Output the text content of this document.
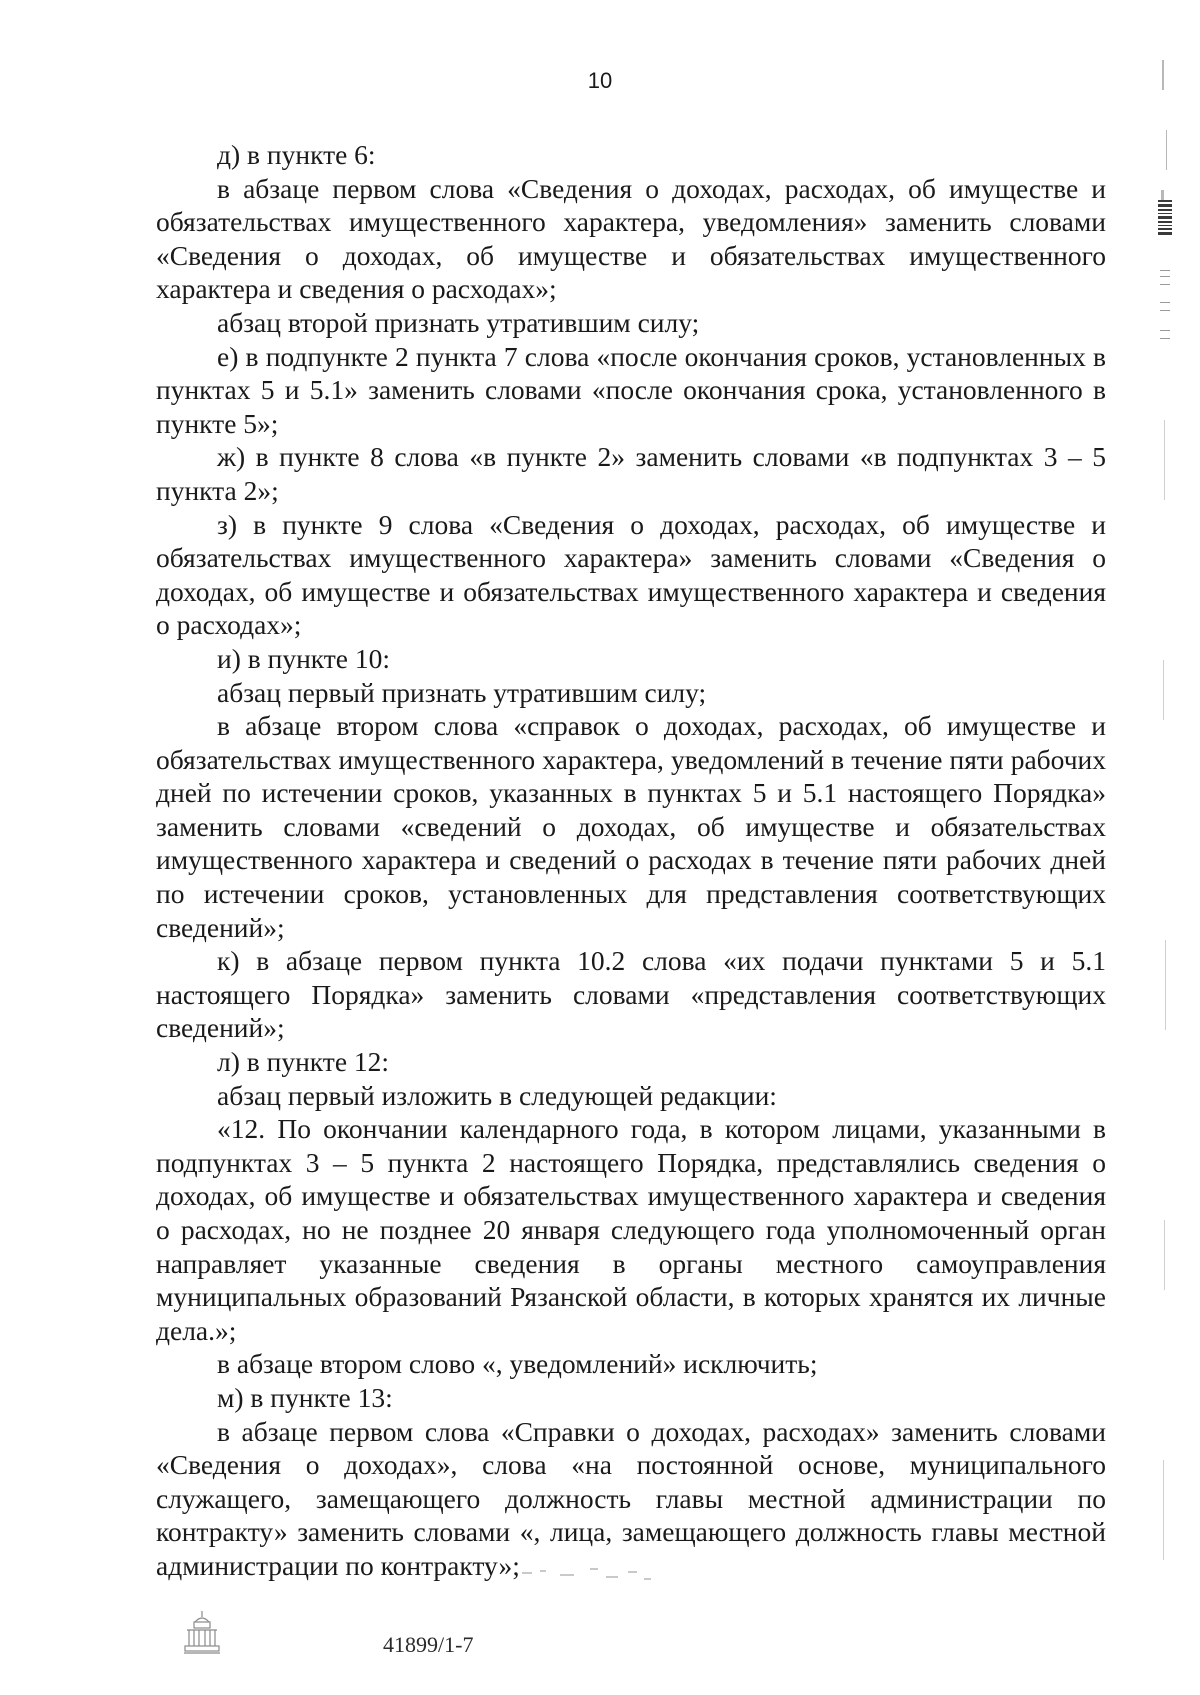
10

д) в пункте 6:

в абзаце первом слова «Сведения о доходах, расходах, об имуществе и обязательствах имущественного характера, уведомления» заменить словами «Сведения о доходах, об имуществе и обязательствах имущественного характера и сведения о расходах»;

абзац второй признать утратившим силу;

е) в подпункте 2 пункта 7 слова «после окончания сроков, установленных в пунктах 5 и 5.1» заменить словами «после окончания срока, установленного в пункте 5»;

ж) в пункте 8 слова «в пункте 2» заменить словами «в подпунктах 3 – 5 пункта 2»;

з) в пункте 9 слова «Сведения о доходах, расходах, об имуществе и обязательствах имущественного характера» заменить словами «Сведения о доходах, об имуществе и обязательствах имущественного характера и сведения о расходах»;

и) в пункте 10:

абзац первый признать утратившим силу;

в абзаце втором слова «справок о доходах, расходах, об имуществе и обязательствах имущественного характера, уведомлений в течение пяти рабочих дней по истечении сроков, указанных в пунктах 5 и 5.1 настоящего Порядка» заменить словами «сведений о доходах, об имуществе и обязательствах имущественного характера и сведений о расходах в течение пяти рабочих дней по истечении сроков, установленных для представления соответствующих сведений»;

к) в абзаце первом пункта 10.2 слова «их подачи пунктами 5 и 5.1 настоящего Порядка» заменить словами «представления соответствующих сведений»;

л) в пункте 12:

абзац первый изложить в следующей редакции:

«12. По окончании календарного года, в котором лицами, указанными в подпунктах 3 – 5 пункта 2 настоящего Порядка, представлялись сведения о доходах, об имуществе и обязательствах имущественного характера и сведения о расходах, но не позднее 20 января следующего года уполномоченный орган направляет указанные сведения в органы местного самоуправления муниципальных образований Рязанской области, в которых хранятся их личные дела.»;

в абзаце втором слово «, уведомлений» исключить;

м) в пункте 13:

в абзаце первом слова «Справки о доходах, расходах» заменить словами «Сведения о доходах», слова «на постоянной основе, муниципального служащего, замещающего должность главы местной администрации по контракту» заменить словами «, лица, замещающего должность главы местной администрации по контракту»;

41899/1-7
